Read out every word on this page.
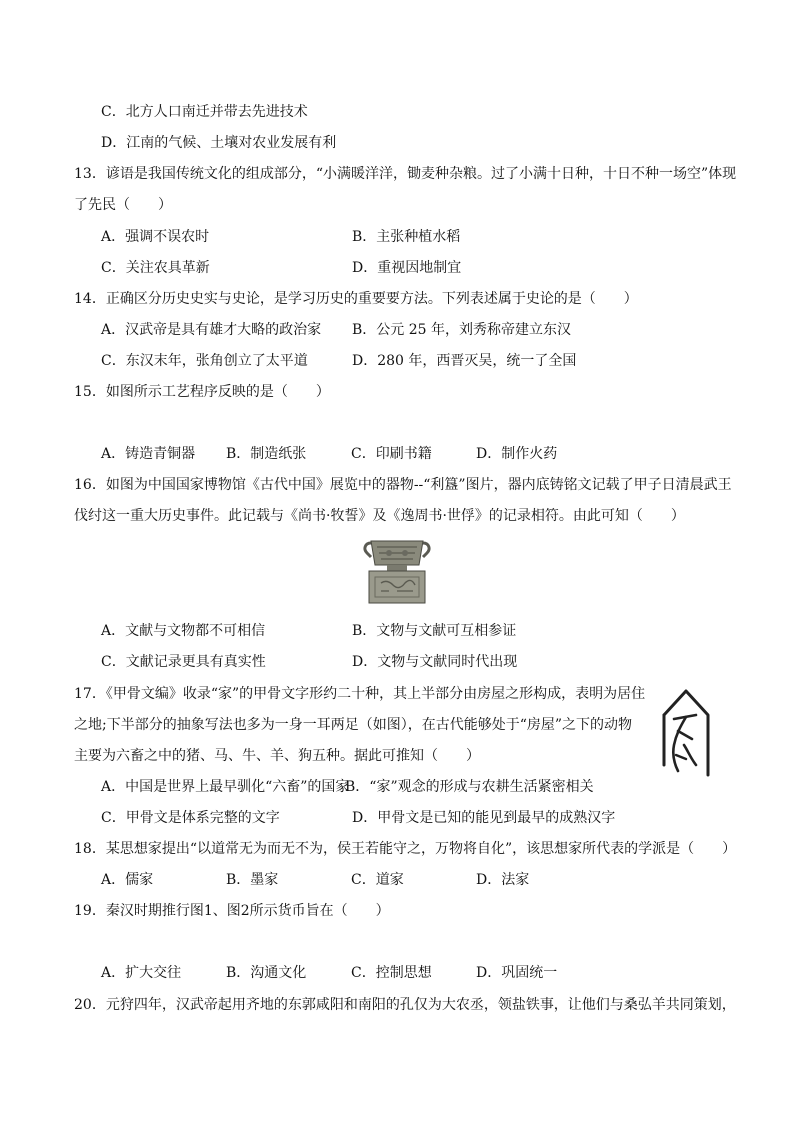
C．北方人口南迁并带去先进技术
D．江南的气候、土壤对农业发展有利
13．谚语是我国传统文化的组成部分，“小满暖洋洋，锄麦种杂粮。过了小满十日种，十日不种一场空”体现
了先民（　　）
A．强调不误农时	B．主张种植水稻
C．关注农具革新	D．重视因地制宜
14．正确区分历史史实与史论，是学习历史的重要要方法。下列表述属于史论的是（　　）
A．汉武帝是具有雄才大略的政治家 B．公元 25 年，刘秀称帝建立东汉
C．东汉末年，张角创立了太平道	D．280 年，西晋灭吴，统一了全国
15．如图所示工艺程序反映的是（　　）
A．铸造青铜器 B．制造纸张	C．印刷书籍	D．制作火药
16．如图为中国国家博物馆《古代中国》展览中的器物--“利簋”图片，器内底铸铭文记载了甲子日清晨武王
伐纣这一重大历史事件。此记载与《尚书·牧誓》及《逸周书·世俘》的记录相符。由此可知（　　）
A．文献与文物都不可相信	B．文物与文献可互相参证
C．文献记录更具有真实性	D．文物与文献同时代出现
17．《甲骨文编》收录“家”的甲骨文字形约二十种，其上半部分由房屋之形构成，表明为居住
之地;下半部分的抽象写法也多为一身一耳两足（如图），在古代能够处于“房屋”之下的动物
主要为六畜之中的猪、马、牛、羊、狗五种。据此可推知（　　）
A．中国是世界上最早驯化“六畜”的国家
B．“家”观念的形成与农耕生活紧密相关
C．甲骨文是体系完整的文字	D．甲骨文是已知的能见到最早的成熟汉字
18．某思想家提出“以道常无为而无不为，侯王若能守之，万物将自化”，该思想家所代表的学派是（　　）
A．儒家	B．墨家	C．道家	D．法家
19．秦汉时期推行图1、图2所示货币旨在（　　）
A．扩大交往	B．沟通文化	C．控制思想	D．巩固统一
20．元狩四年，汉武帝起用齐地的东郭咸阳和南阳的孔仅为大农丞，领盐铁事，让他们与桑弘羊共同策划，
